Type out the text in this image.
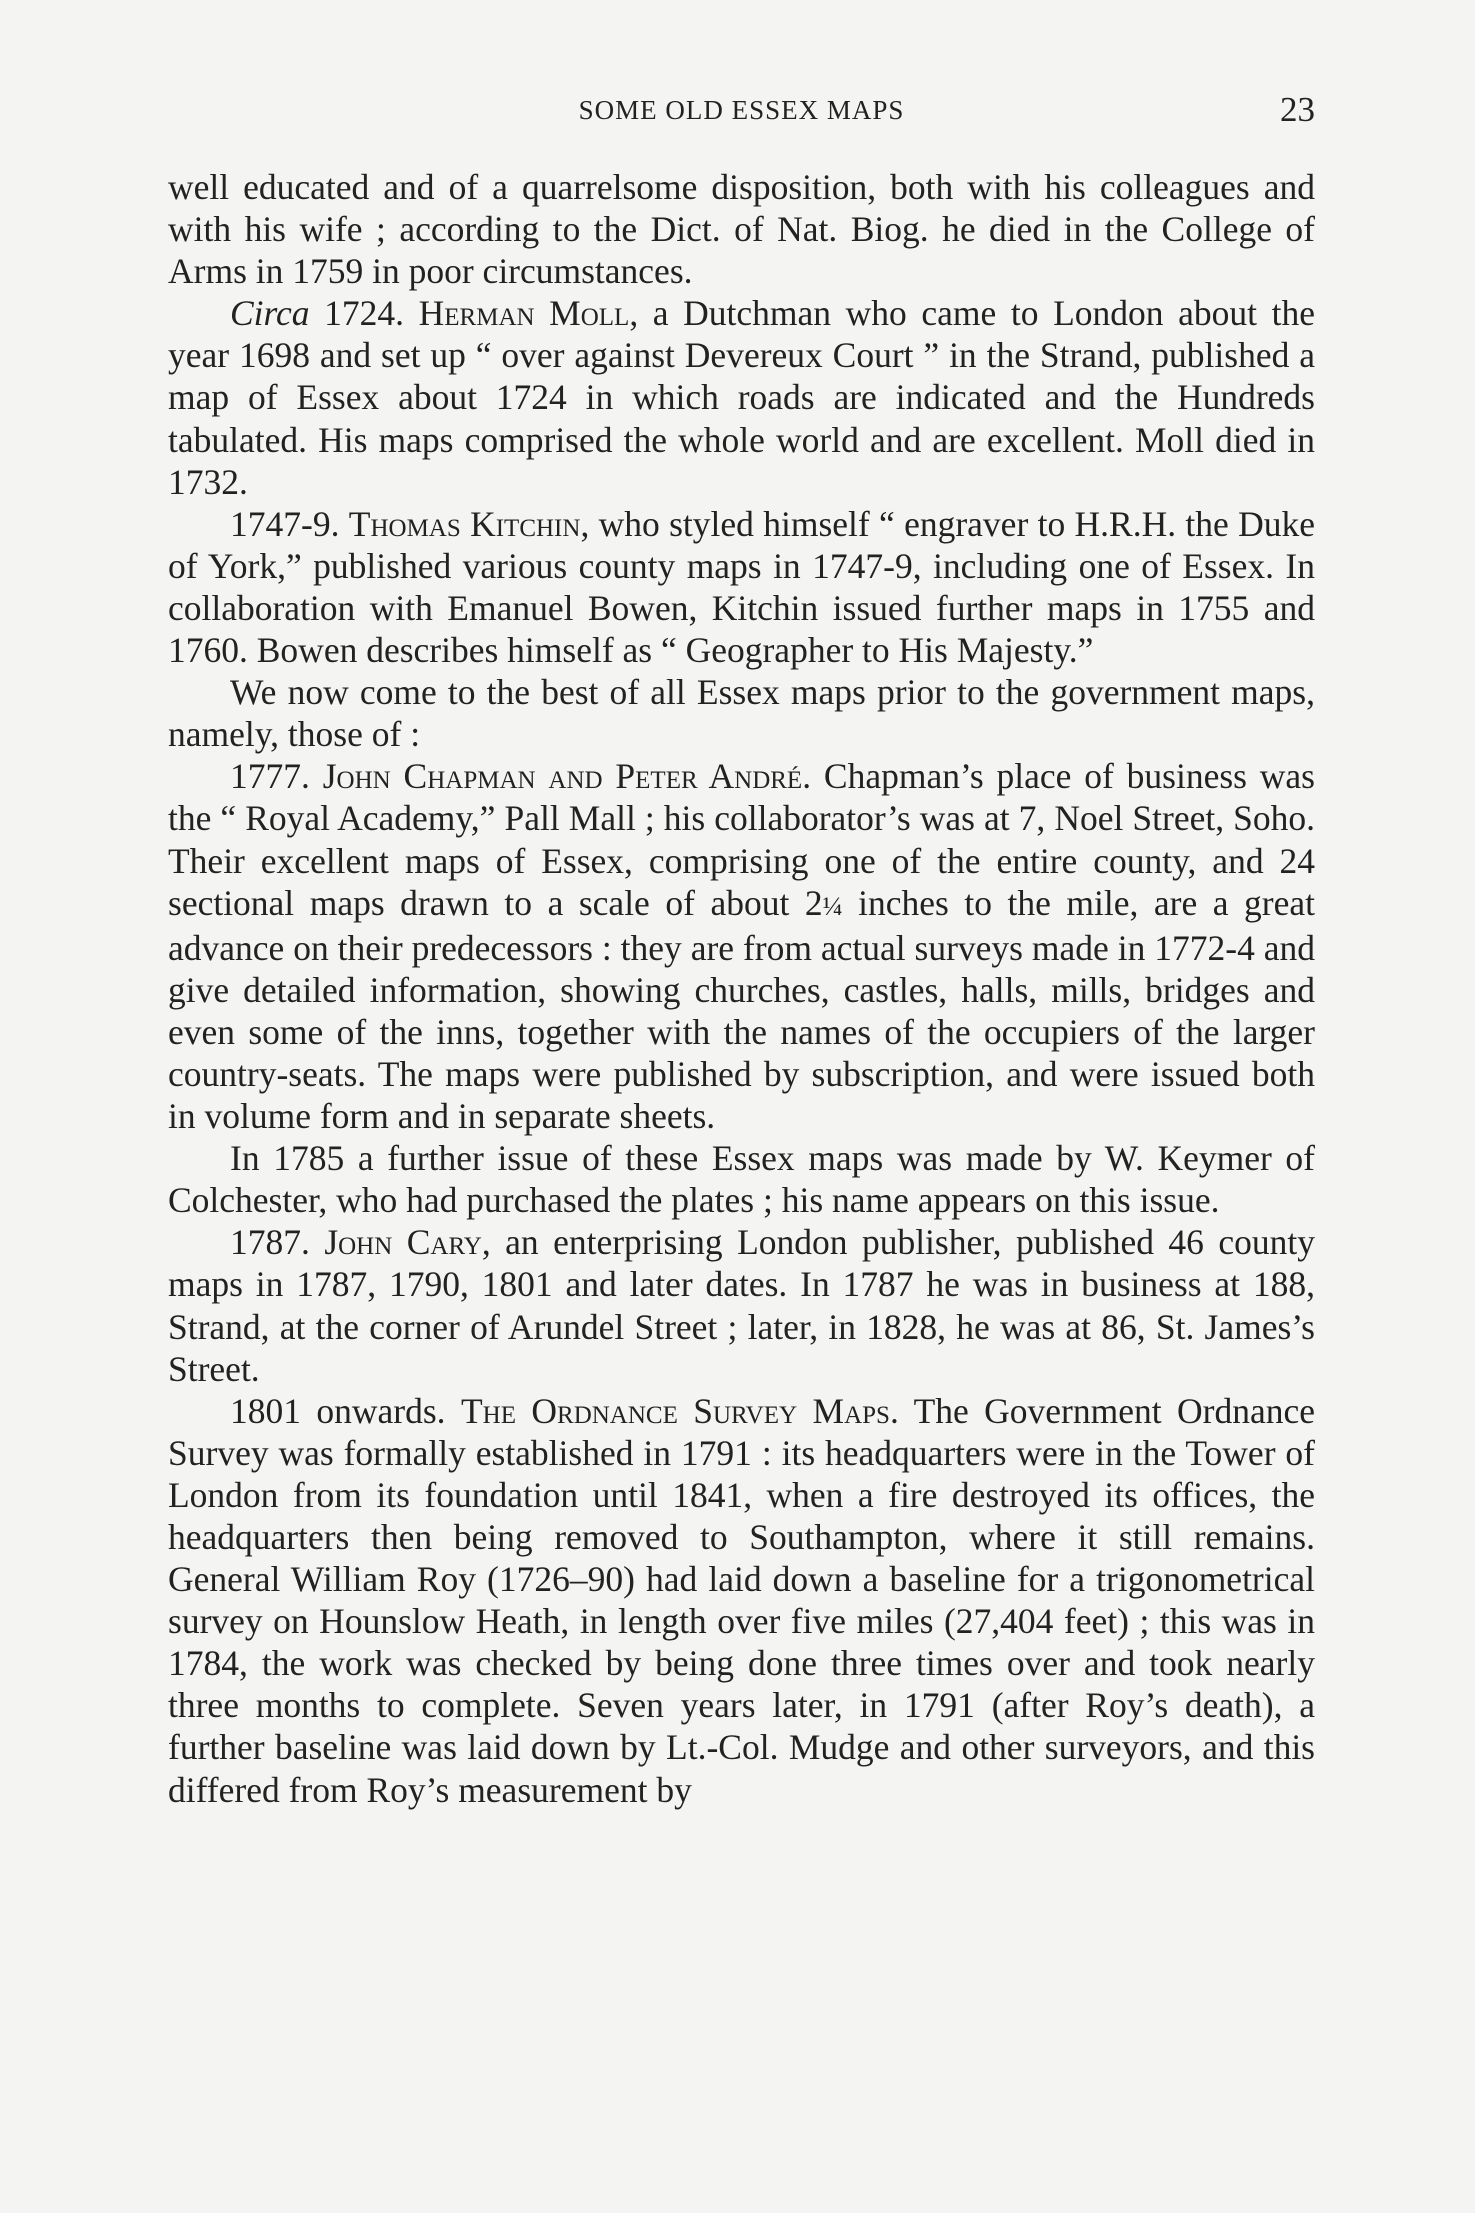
SOME OLD ESSEX MAPS	23

well educated and of a quarrelsome disposition, both with his colleagues and with his wife ; according to the Dict. of Nat. Biog. he died in the College of Arms in 1759 in poor circumstances.

Circa 1724. Herman Moll, a Dutchman who came to London about the year 1698 and set up “ over against Devereux Court ” in the Strand, published a map of Essex about 1724 in which roads are indicated and the Hundreds tabulated. His maps comprised the whole world and are excellent. Moll died in 1732.

1747-9. Thomas Kitchin, who styled himself “ engraver to H.R.H. the Duke of York,” published various county maps in 1747-9, including one of Essex. In collaboration with Emanuel Bowen, Kitchin issued further maps in 1755 and 1760. Bowen describes himself as “ Geographer to His Majesty.”

We now come to the best of all Essex maps prior to the government maps, namely, those of :

1777. John Chapman and Peter André. Chapman’s place of business was the “ Royal Academy,” Pall Mall ; his collaborator’s was at 7, Noel Street, Soho. Their excellent maps of Essex, comprising one of the entire county, and 24 sectional maps drawn to a scale of about 2¼ inches to the mile, are a great advance on their predecessors : they are from actual surveys made in 1772-4 and give detailed information, showing churches, castles, halls, mills, bridges and even some of the inns, together with the names of the occupiers of the larger country-seats. The maps were published by subscription, and were issued both in volume form and in separate sheets.

In 1785 a further issue of these Essex maps was made by W. Keymer of Colchester, who had purchased the plates ; his name appears on this issue.

1787. John Cary, an enterprising London publisher, published 46 county maps in 1787, 1790, 1801 and later dates. In 1787 he was in business at 188, Strand, at the corner of Arundel Street ; later, in 1828, he was at 86, St. James’s Street.

1801 onwards. The Ordnance Survey Maps. The Government Ordnance Survey was formally established in 1791 : its headquarters were in the Tower of London from its foundation until 1841, when a fire destroyed its offices, the headquarters then being removed to Southampton, where it still remains. General William Roy (1726–90) had laid down a baseline for a trigonometrical survey on Hounslow Heath, in length over five miles (27,404 feet) ; this was in 1784, the work was checked by being done three times over and took nearly three months to complete. Seven years later, in 1791 (after Roy’s death), a further baseline was laid down by Lt.-Col. Mudge and other surveyors, and this differed from Roy’s measurement by
